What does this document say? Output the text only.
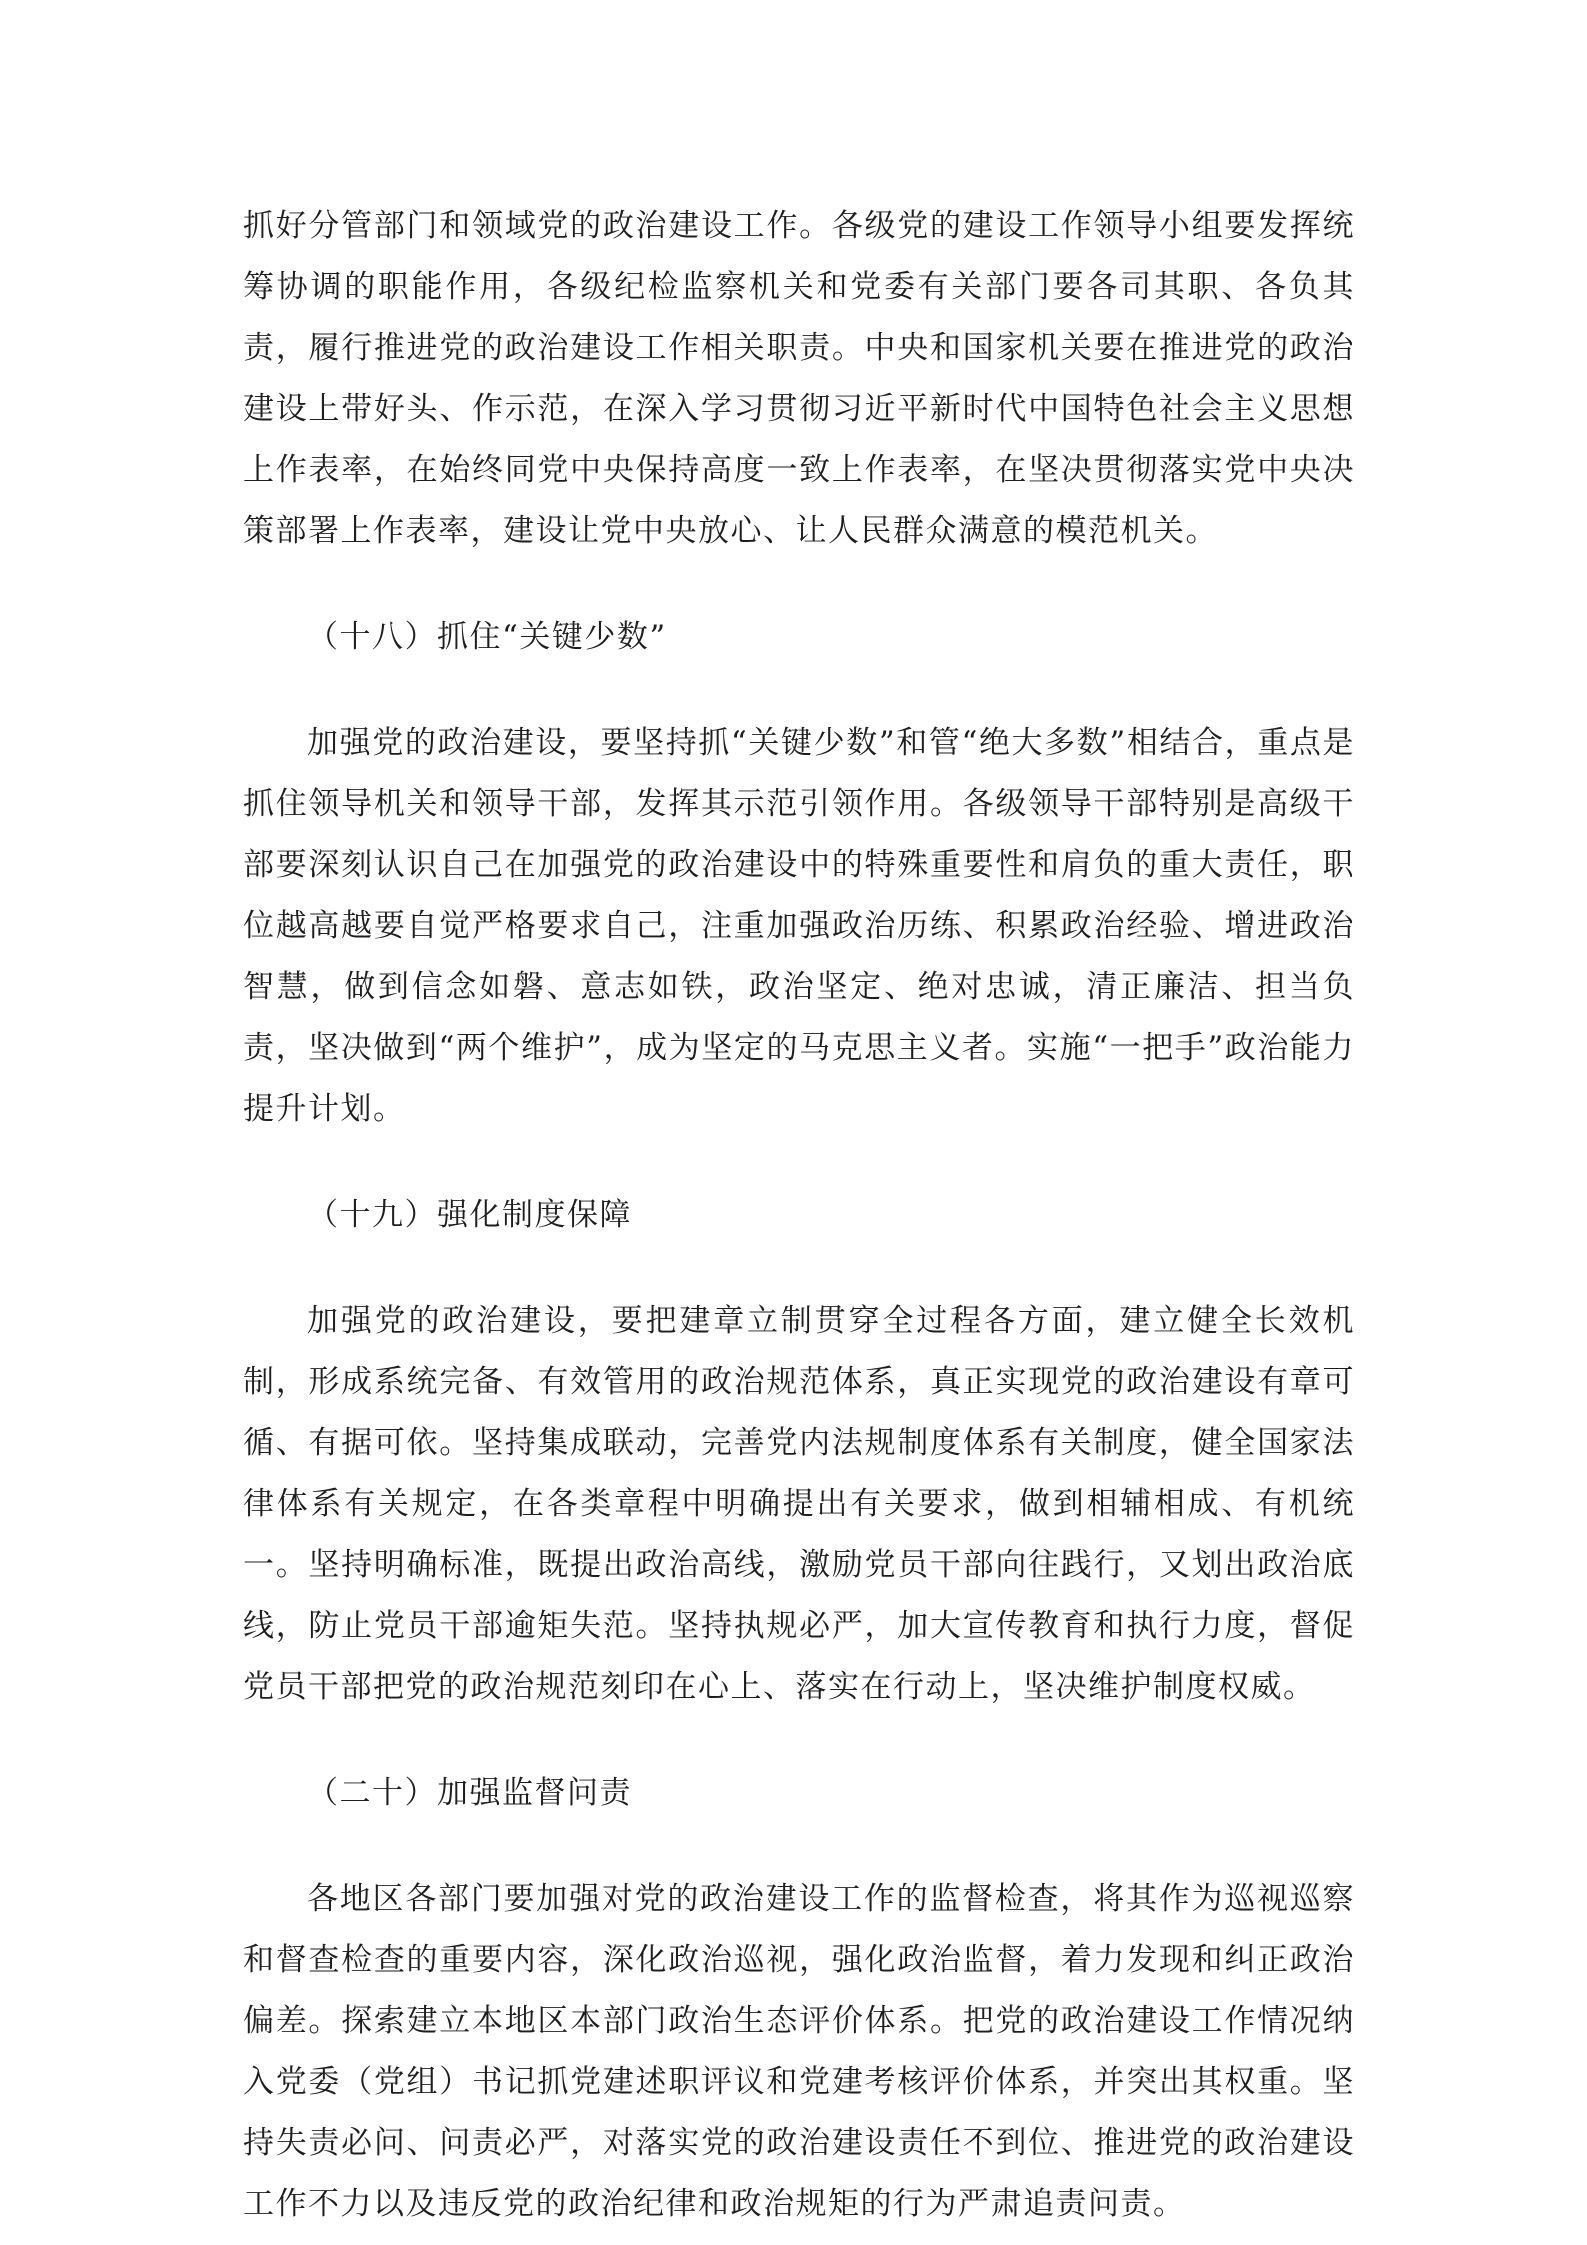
抓好分管部门和领域党的政治建设工作。各级党的建设工作领导小组要发挥统筹协调的职能作用，各级纪检监察机关和党委有关部门要各司其职、各负其责，履行推进党的政治建设工作相关职责。中央和国家机关要在推进党的政治建设上带好头、作示范，在深入学习贯彻习近平新时代中国特色社会主义思想上作表率，在始终同党中央保持高度一致上作表率，在坚决贯彻落实党中央决策部署上作表率，建设让党中央放心、让人民群众满意的模范机关。

（十八）抓住“关键少数”

加强党的政治建设，要坚持抓“关键少数”和管“绝大多数”相结合，重点是抓住领导机关和领导干部，发挥其示范引领作用。各级领导干部特别是高级干部要深刻认识自己在加强党的政治建设中的特殊重要性和肩负的重大责任，职位越高越要自觉严格要求自己，注重加强政治历练、积累政治经验、增进政治智慧，做到信念如磐、意志如铁，政治坚定、绝对忠诚，清正廉洁、担当负责，坚决做到“两个维护”，成为坚定的马克思主义者。实施“一把手”政治能力提升计划。

（十九）强化制度保障

加强党的政治建设，要把建章立制贯穿全过程各方面，建立健全长效机制，形成系统完备、有效管用的政治规范体系，真正实现党的政治建设有章可循、有据可依。坚持集成联动，完善党内法规制度体系有关制度，健全国家法律体系有关规定，在各类章程中明确提出有关要求，做到相辅相成、有机统一。坚持明确标准，既提出政治高线，激励党员干部向往践行，又划出政治底线，防止党员干部逾矩失范。坚持执规必严，加大宣传教育和执行力度，督促党员干部把党的政治规范刻印在心上、落实在行动上，坚决维护制度权威。

（二十）加强监督问责

各地区各部门要加强对党的政治建设工作的监督检查，将其作为巡视巡察和督查检查的重要内容，深化政治巡视，强化政治监督，着力发现和纠正政治偏差。探索建立本地区本部门政治生态评价体系。把党的政治建设工作情况纳入党委（党组）书记抓党建述职评议和党建考核评价体系，并突出其权重。坚持失责必问、问责必严，对落实党的政治建设责任不到位、推进党的政治建设工作不力以及违反党的政治纪律和政治规矩的行为严肃追责问责。
